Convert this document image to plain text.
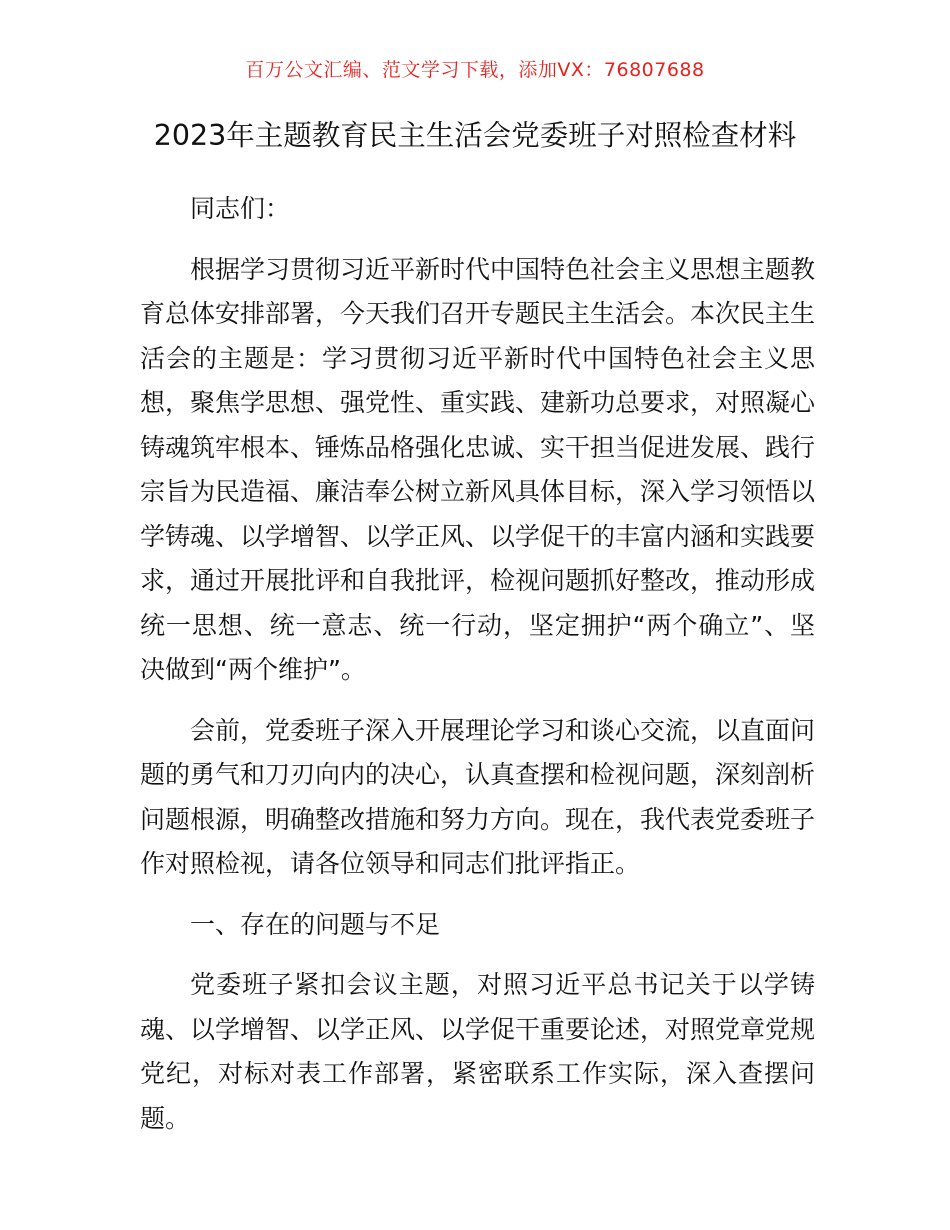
百万公文汇编、范文学习下载，添加VX：76807688
2023年主题教育民主生活会党委班子对照检查材料

同志们：

根据学习贯彻习近平新时代中国特色社会主义思想主题教育总体安排部署，今天我们召开专题民主生活会。本次民主生活会的主题是：学习贯彻习近平新时代中国特色社会主义思想，聚焦学思想、强党性、重实践、建新功总要求，对照凝心铸魂筑牢根本、锤炼品格强化忠诚、实干担当促进发展、践行宗旨为民造福、廉洁奉公树立新风具体目标，深入学习领悟以学铸魂、以学增智、以学正风、以学促干的丰富内涵和实践要求，通过开展批评和自我批评，检视问题抓好整改，推动形成统一思想、统一意志、统一行动，坚定拥护“两个确立”、坚决做到“两个维护”。

会前，党委班子深入开展理论学习和谈心交流，以直面问题的勇气和刀刃向内的决心，认真查摆和检视问题，深刻剖析问题根源，明确整改措施和努力方向。现在，我代表党委班子作对照检视，请各位领导和同志们批评指正。

一、存在的问题与不足

党委班子紧扣会议主题，对照习近平总书记关于以学铸魂、以学增智、以学正风、以学促干重要论述，对照党章党规党纪，对标对表工作部署，紧密联系工作实际，深入查摆问题。
